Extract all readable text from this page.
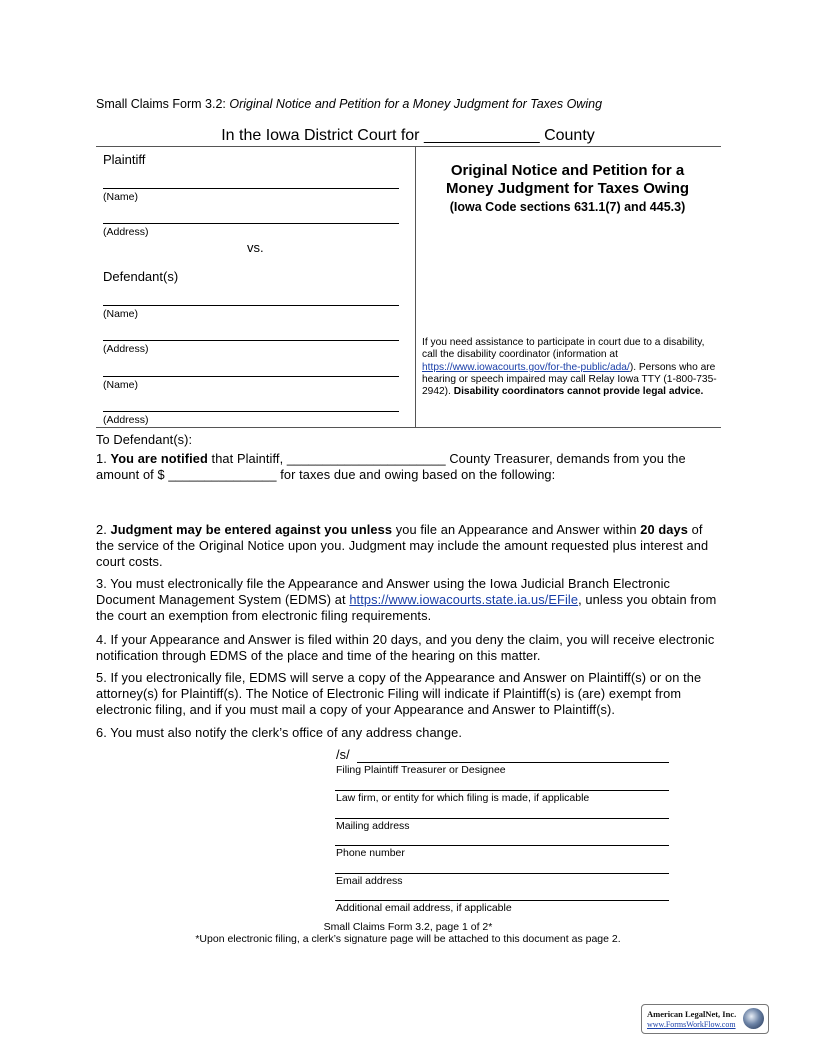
Small Claims Form 3.2: Original Notice and Petition for a Money Judgment for Taxes Owing
In the Iowa District Court for _____________ County
Plaintiff
(Name)
(Address)
vs.
Defendant(s)
(Name)
(Address)
(Name)
(Address)
Original Notice and Petition for a
Money Judgment for Taxes Owing
(Iowa Code sections 631.1(7) and 445.3)
If you need assistance to participate in court due to a disability, call the disability coordinator (information at https://www.iowacourts.gov/for-the-public/ada/). Persons who are hearing or speech impaired may call Relay Iowa TTY (1-800-735-2942). Disability coordinators cannot provide legal advice.
To Defendant(s):
1. You are notified that Plaintiff, ______________________ County Treasurer, demands from you the amount of $ _______________ for taxes due and owing based on the following:
2. Judgment may be entered against you unless you file an Appearance and Answer within 20 days of the service of the Original Notice upon you. Judgment may include the amount requested plus interest and court costs.
3. You must electronically file the Appearance and Answer using the Iowa Judicial Branch Electronic Document Management System (EDMS) at https://www.iowacourts.state.ia.us/EFile, unless you obtain from the court an exemption from electronic filing requirements.
4. If your Appearance and Answer is filed within 20 days, and you deny the claim, you will receive electronic notification through EDMS of the place and time of the hearing on this matter.
5. If you electronically file, EDMS will serve a copy of the Appearance and Answer on Plaintiff(s) or on the attorney(s) for Plaintiff(s). The Notice of Electronic Filing will indicate if Plaintiff(s) is (are) exempt from electronic filing, and if you must mail a copy of your Appearance and Answer to Plaintiff(s).
6. You must also notify the clerk’s office of any address change.
/s/
Filing Plaintiff Treasurer or Designee
Law firm, or entity for which filing is made, if applicable
Mailing address
Phone number
Email address
Additional email address, if applicable
Small Claims Form 3.2, page 1 of 2*
*Upon electronic filing, a clerk’s signature page will be attached to this document as page 2.
American LegalNet, Inc.
www.FormsWorkFlow.com
